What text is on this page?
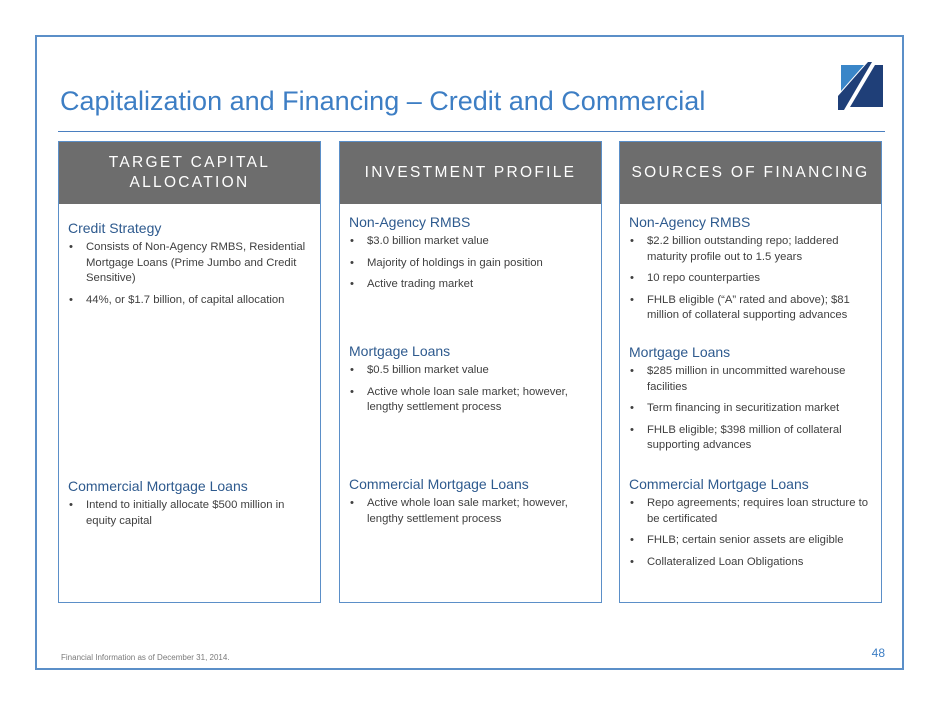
Capitalization and Financing – Credit and Commercial
TARGET CAPITAL ALLOCATION
Credit Strategy
• Consists of Non-Agency RMBS, Residential Mortgage Loans (Prime Jumbo and Credit Sensitive)
• 44%, or $1.7 billion, of capital allocation
Commercial Mortgage Loans
• Intend to initially allocate $500 million in equity capital
INVESTMENT PROFILE
Non-Agency RMBS
• $3.0 billion market value
• Majority of holdings in gain position
• Active trading market
Mortgage Loans
• $0.5 billion market value
• Active whole loan sale market; however, lengthy settlement process
Commercial Mortgage Loans
• Active whole loan sale market; however, lengthy settlement process
SOURCES OF FINANCING
Non-Agency RMBS
• $2.2 billion outstanding repo; laddered maturity profile out to 1.5 years
• 10 repo counterparties
• FHLB eligible (“A” rated and above); $81 million of collateral supporting advances
Mortgage Loans
• $285 million in uncommitted warehouse facilities
• Term financing in securitization market
• FHLB eligible; $398 million of collateral supporting advances
Commercial Mortgage Loans
• Repo agreements; requires loan structure to be certificated
• FHLB; certain senior assets are eligible
• Collateralized Loan Obligations
Financial Information as of December 31, 2014.	48
